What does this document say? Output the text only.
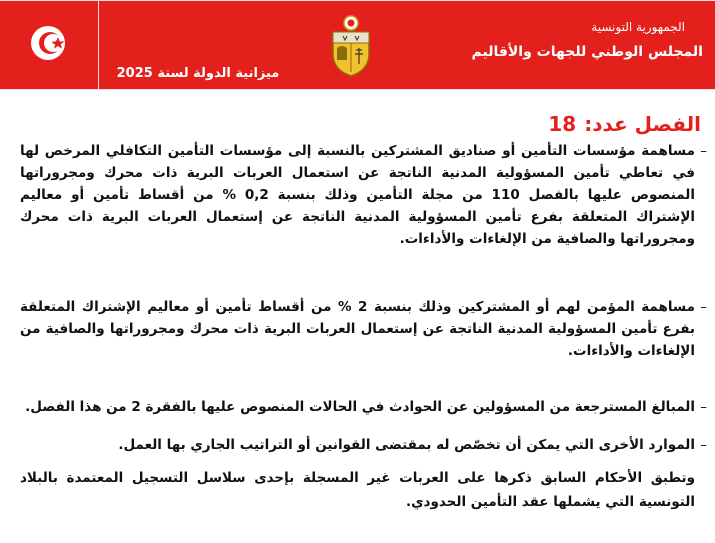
ميزانية الدولة لسنة 2025
الجمهورية التونسية
المجلس الوطني للجهات والأقاليم
الفصل عدد:18
–
مساهمة مؤسسات التأمين أو صناديق المشتركين بالنسبة إلى مؤسسات التأمين التكافلي المرخص لها في تعاطي تأمين المسؤولية المدنية الناتجة عن استعمال العربات البرية ذات محرك ومجروراتها المنصوص عليها بالفصل 110 من مجلة التأمين وذلك بنسبة 0,2 % من أقساط تأمين أو معاليم الإشتراك المتعلقة بفرع تأمين المسؤولية المدنية الناتجة عن إستعمال العربات البرية ذات محرك ومجروراتها والصافية من الإلغاءات والأداءات.
–
مساهمة المؤمن لهم أو المشتركين وذلك بنسبة 2 % من أقساط تأمين أو معاليم الإشتراك المتعلقة بفرع تأمين المسؤولية المدنية الناتجة عن إستعمال العربات البرية ذات محرك ومجروراتها والصافية من الإلغاءات والأداءات.
–
المبالغ المسترجعة من المسؤولين عن الحوادث في الحالات المنصوص عليها بالفقرة 2 من هذا الفصل.
–
الموارد الأخرى التي يمكن أن تخصّص له بمقتضى القوانين أو التراتيب الجاري بها العمل.
وتطبق الأحكام السابق ذكرها على العربات غير المسجلة بإحدى سلاسل التسجيل المعتمدة بالبلاد التونسية التي يشملها عقد التأمين الحدودي.
